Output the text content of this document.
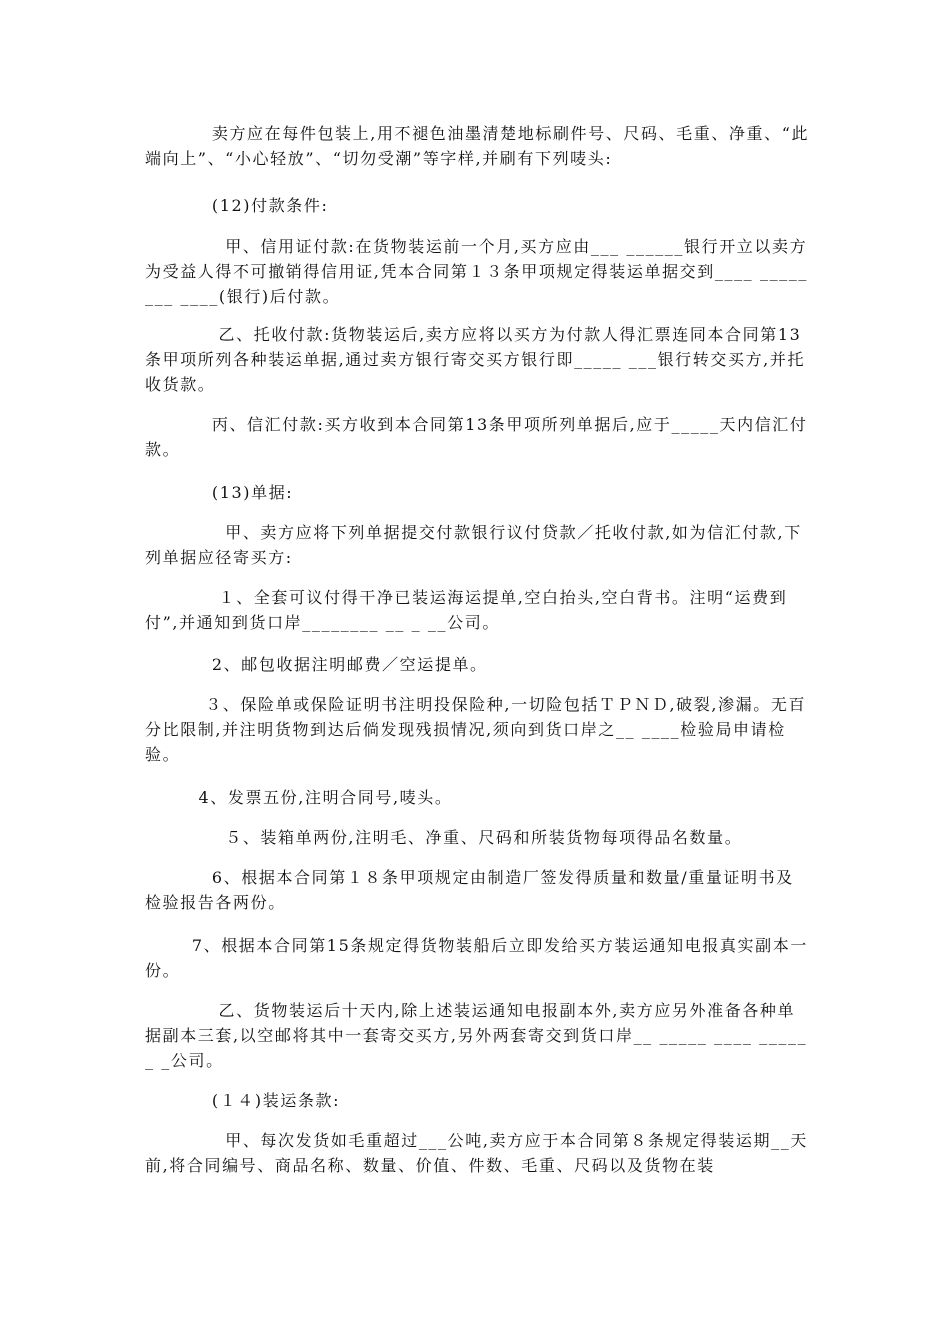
卖方应在每件包装上,用不褪色油墨清楚地标刷件号、尺码、毛重、净重、“此端向上”、“小心轻放”、“切勿受潮”等字样,并刷有下列唛头:

(12)付款条件:

甲、信用证付款:在货物装运前一个月,买方应由___ ______银行开立以卖方为受益人得不可撤销得信用证,凭本合同第１３条甲项规定得装运单据交到____ _____ ___ ____(银行)后付款。

乙、托收付款:货物装运后,卖方应将以买方为付款人得汇票连同本合同第13条甲项所列各种装运单据,通过卖方银行寄交买方银行即_____ ___银行转交买方,并托收货款。

丙、信汇付款:买方收到本合同第13条甲项所列单据后,应于_____天内信汇付款。

(13)单据:

甲、卖方应将下列单据提交付款银行议付贷款／托收付款,如为信汇付款,下列单据应径寄买方:

１、全套可议付得干净已装运海运提单,空白抬头,空白背书。注明“运费到付”,并通知到货口岸________ __ _ __公司。

2、邮包收据注明邮费／空运提单。

３、保险单或保险证明书注明投保险种,一切险包括ＴＰＮＤ,破裂,渗漏。无百分比限制,并注明货物到达后倘发现残损情况,须向到货口岸之__ ____检验局申请检验。

4、发票五份,注明合同号,唛头。

５、装箱单两份,注明毛、净重、尺码和所装货物每项得品名数量。

6、根据本合同第１８条甲项规定由制造厂签发得质量和数量/重量证明书及检验报告各两份。

7、根据本合同第15条规定得货物装船后立即发给买方装运通知电报真实副本一份。

乙、货物装运后十天内,除上述装运通知电报副本外,卖方应另外准备各种单据副本三套,以空邮将其中一套寄交买方,另外两套寄交到货口岸__ _____ ____ ______ _公司。

(１４)装运条款:

甲、每次发货如毛重超过___公吨,卖方应于本合同第８条规定得装运期__天前,将合同编号、商品名称、数量、价值、件数、毛重、尺码以及货物在装
